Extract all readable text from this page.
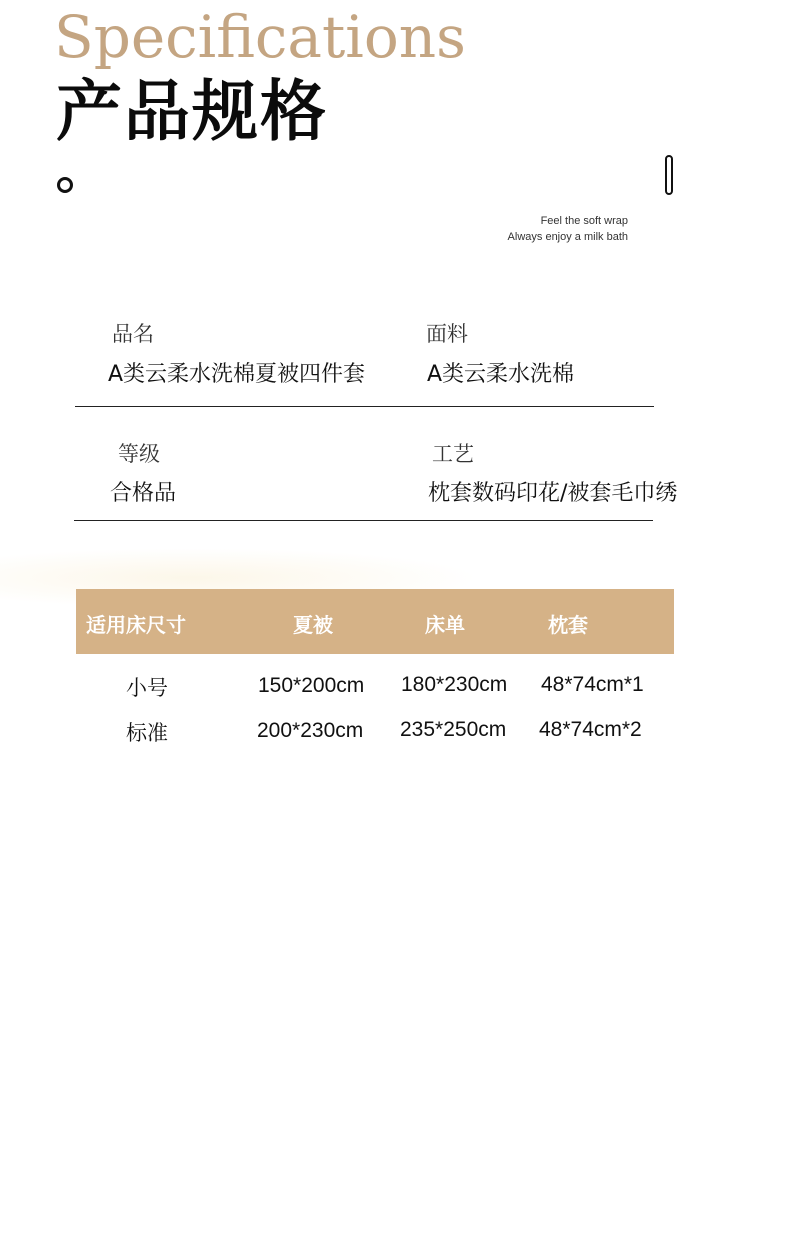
Specifications
产品规格
Feel the soft wrap
Always enjoy a milk bath
品名
A类云柔水洗棉夏被四件套
面料
A类云柔水洗棉
等级
合格品
工艺
枕套数码印花/被套毛巾绣
适用床尺寸	夏被	床单	枕套
小号	150*200cm 180*230cm 48*74cm*1
标准	200*230cm 235*250cm 48*74cm*2
